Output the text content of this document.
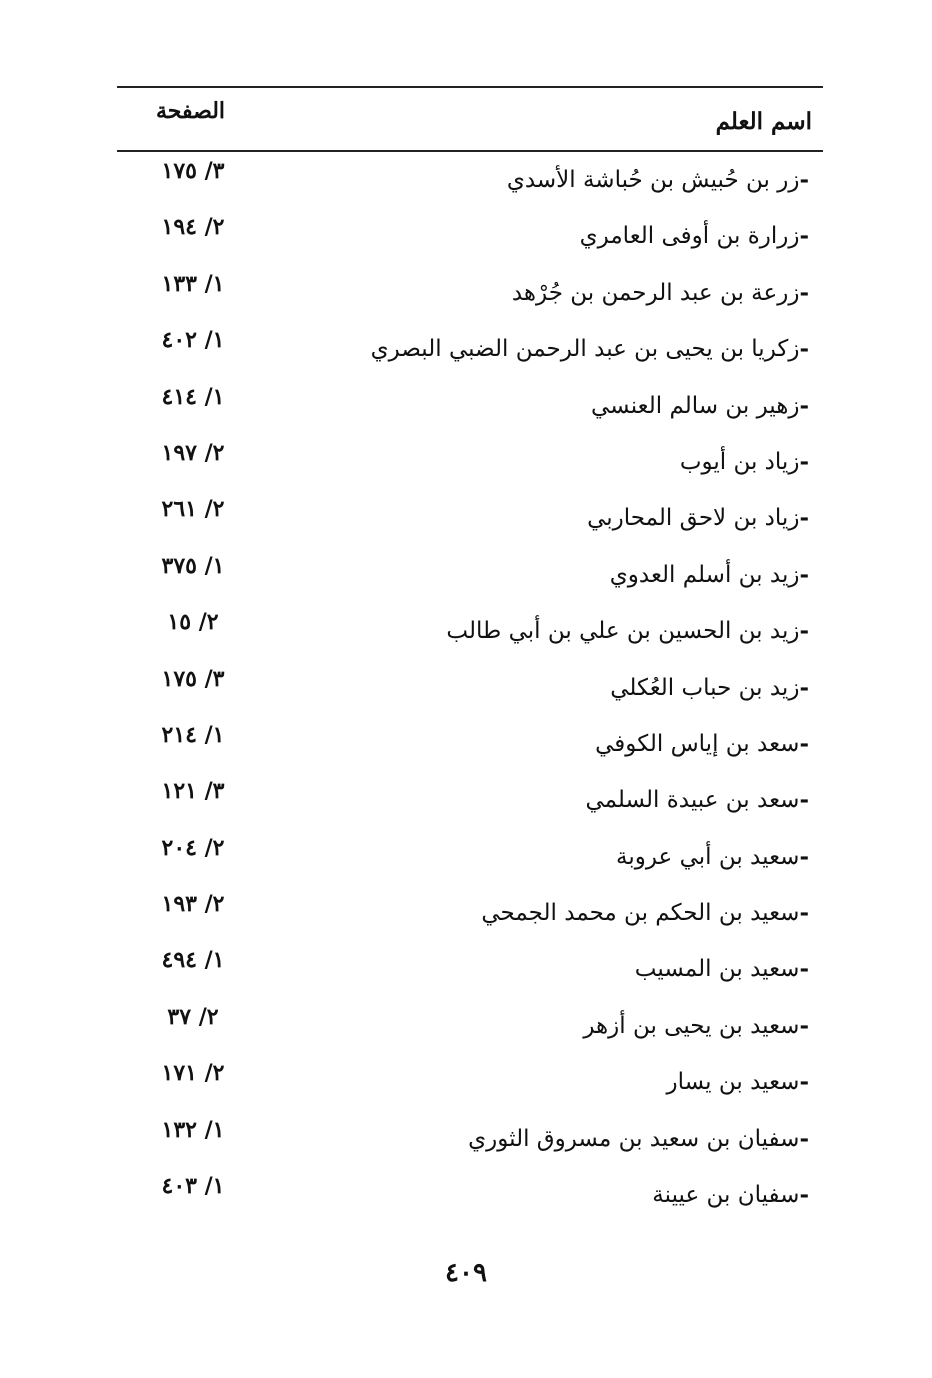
اسم العلم
الصفحة
-زر بن حُبيش بن حُباشة الأسدي
٣/ ١٧٥
-زرارة بن أوفى العامري
٢/ ١٩٤
-زرعة بن عبد الرحمن بن جُرْهد
١/ ١٣٣
-زكريا بن يحيى بن عبد الرحمن الضبي البصري
١/ ٤٠٢
-زهير بن سالم العنسي
١/ ٤١٤
-زياد بن أيوب
٢/ ١٩٧
-زياد بن لاحق المحاربي
٢/ ٢٦١
-زيد بن أسلم العدوي
١/ ٣٧٥
-زيد بن الحسين بن علي بن أبي طالب
٢/ ١٥
-زيد بن حباب العُكلي
٣/ ١٧٥
-سعد بن إياس الكوفي
١/ ٢١٤
-سعد بن عبيدة السلمي
٣/ ١٢١
-سعيد بن أبي عروبة
٢/ ٢٠٤
-سعيد بن الحكم بن محمد الجمحي
٢/ ١٩٣
-سعيد بن المسيب
١/ ٤٩٤
-سعيد بن يحيى بن أزهر
٢/ ٣٧
-سعيد بن يسار
٢/ ١٧١
-سفيان بن سعيد بن مسروق الثوري
١/ ١٣٢
-سفيان بن عيينة
١/ ٤٠٣
٤٠٩
